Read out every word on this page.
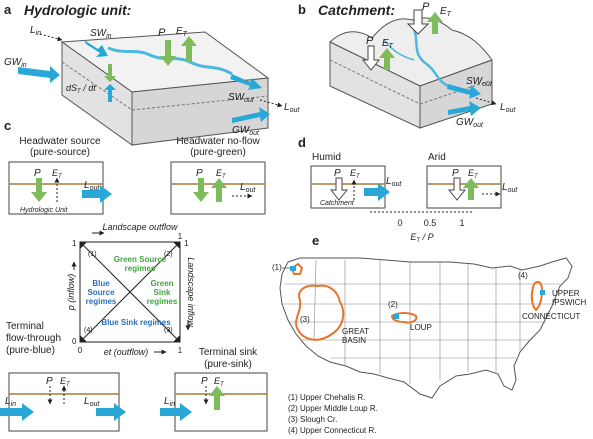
a Hydrologic unit:
$L_{in}$	$SW_{in}$
$GW_{in}$
P $E_T$
$dS_T$ / dt
$SW_{out}$
$L_{out}$
$GW_{out}$
b Catchment: P $E_T$
P $E_T$
$SW_{out}$
$L_{out}$
$GW_{out}$
c
Headwater source
(pure-source)
Headwater no-flow
(pure-green)
P $E_T$
$L_{out}$
Hydrologic Unit
P $E_T$
$L_{out}$
Landscape outflow
(1)	(2)
(3)
(4)
Green Source
regimes
Green
Sink
regimes
Blue
Source
regimes
Blue Sink regimes
1
0
0	1
1
1
p (inflow)	Landscape inflow
et (outflow)
Terminal
flow-through
(pure-blue)	Terminal sink
(pure-sink)
P $E_T$
$L_{in}$	$L_{out}$
P $E_T$
$L_{in}$
d
Humid	Arid
P $E_T$	$L_{out}$
Catchment
P $E_T$
$L_{out}$
0 0.5	1
$E_T$ / P
e
(1)
(2)
(3)
(4)
GREAT
BASIN
LOUP
UPPER
IPSWICH
CONNECTICUT
(1) Upper Chehalis R.
(2) Upper Middle Loup R.
(3) Slough Cr.
(4) Upper Connecticut R.
